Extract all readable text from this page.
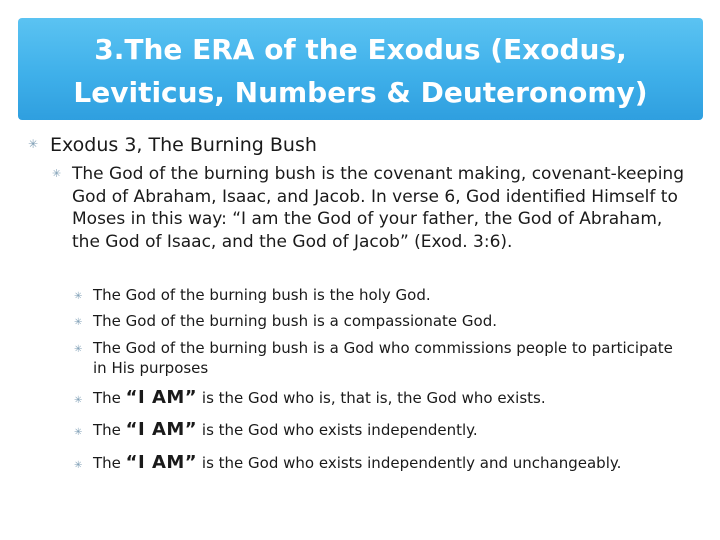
3.The ERA of the Exodus (Exodus, Leviticus, Numbers & Deuteronomy)
✳ Exodus 3, The Burning Bush

✳ The God of the burning bush is the covenant making, covenant-keeping God of Abraham, Isaac, and Jacob. In verse 6, God identified Himself to Moses in this way: “I am the God of your father, the God of Abraham, the God of Isaac, and the God of Jacob” (Exod. 3:6).

✳ The God of the burning bush is the holy God.

✳ The God of the burning bush is a compassionate God.

✳ The God of the burning bush is a God who commissions people to participate in His purposes

✳ The “I AM” is the God who is, that is, the God who exists.

✳ The “I AM” is the God who exists independently.

✳ The “I AM” is the God who exists independently and unchangeably.
